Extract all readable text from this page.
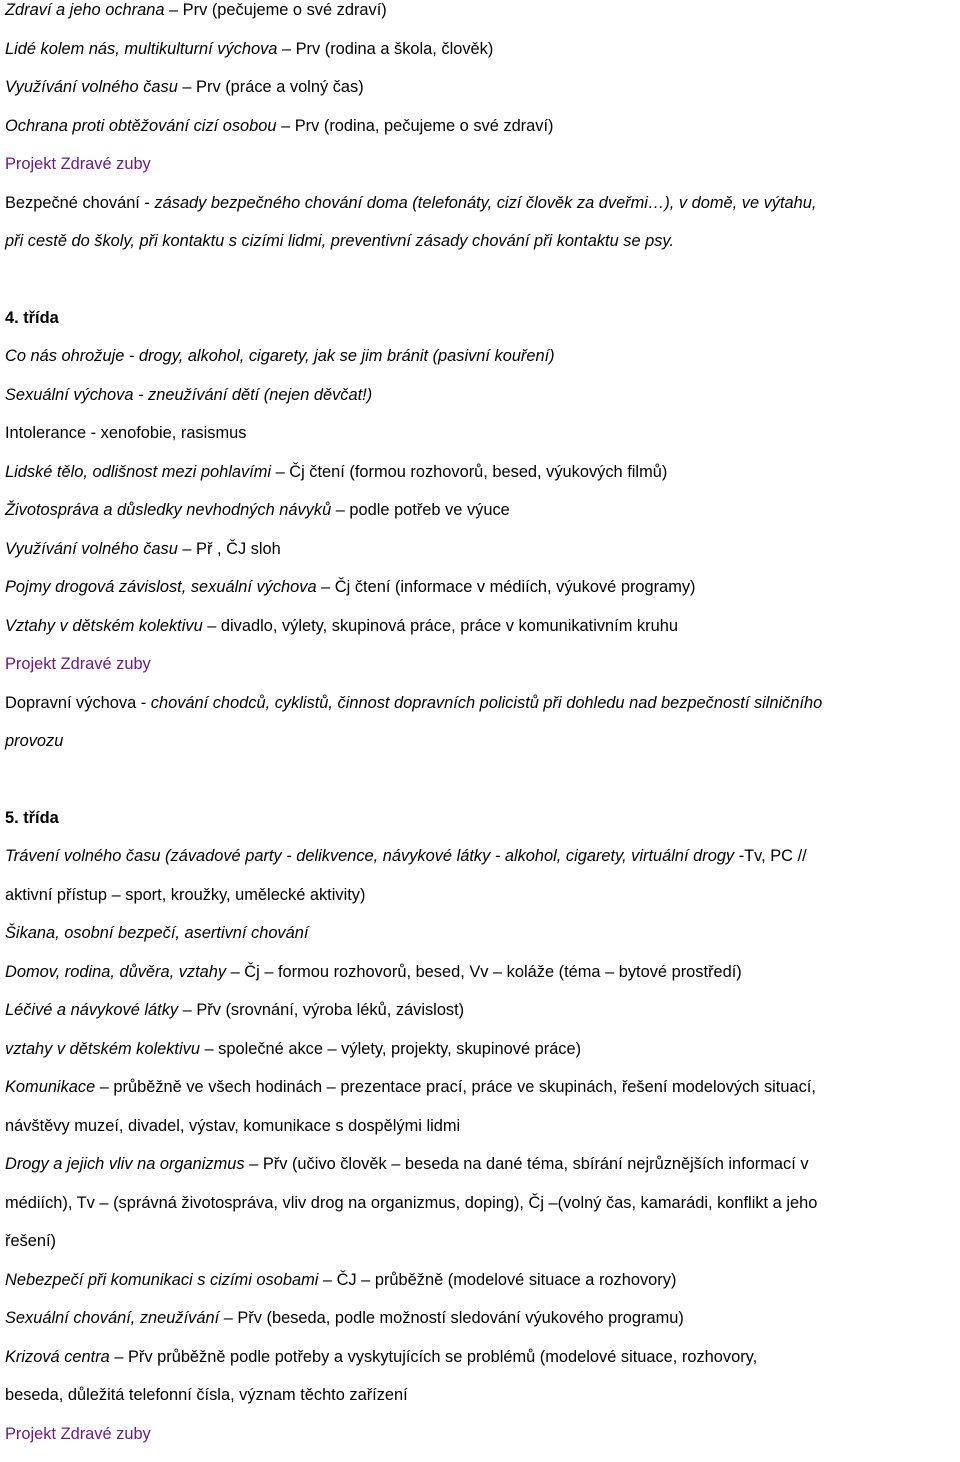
Zdraví a jeho ochrana – Prv (pečujeme o své zdraví)
Lidé kolem nás, multikulturní výchova – Prv (rodina a škola, člověk)
Využívání volného času – Prv (práce a volný čas)
Ochrana proti obtěžování cizí osobou – Prv (rodina, pečujeme o své zdraví)
Projekt Zdravé zuby
Bezpečné chování - zásady bezpečného chování doma (telefonáty, cizí člověk za dveřmi…), v domě, ve výtahu,
při cestě do školy, při kontaktu s cizími lidmi, preventivní zásady chování při kontaktu se psy.
4. třída
Co nás ohrožuje - drogy, alkohol, cigarety, jak se jim bránit (pasivní kouření)
Sexuální výchova - zneužívání dětí (nejen děvčat!)
Intolerance - xenofobie, rasismus
Lidské tělo, odlišnost mezi pohlavími – Čj čtení (formou rozhovorů, besed, výukových filmů)
Životospráva a důsledky nevhodných návyků – podle potřeb ve výuce
Využívání volného času – Př , ČJ sloh
Pojmy drogová závislost, sexuální výchova – Čj čtení (informace v médiích, výukové programy)
Vztahy v dětském kolektivu – divadlo, výlety, skupinová práce, práce v komunikativním kruhu
Projekt Zdravé zuby
Dopravní výchova - chování chodců, cyklistů, činnost dopravních policistů při dohledu nad bezpečností silničního
provozu
5. třída
Trávení volného času (závadové party - delikvence, návykové látky - alkohol, cigarety, virtuální drogy -Tv, PC //
aktivní přístup – sport, kroužky, umělecké aktivity)
Šikana, osobní bezpečí, asertivní chování
Domov, rodina, důvěra, vztahy – Čj – formou rozhovorů, besed, Vv – koláže (téma – bytové prostředí)
Léčivé a návykové látky – Přv (srovnání, výroba léků, závislost)
vztahy v dětském kolektivu – společné akce – výlety, projekty, skupinové práce)
Komunikace – průběžně ve všech hodinách – prezentace prací, práce ve skupinách, řešení modelových situací,
návštěvy muzeí, divadel, výstav, komunikace s dospělými lidmi
Drogy a jejich vliv na organizmus – Přv (učivo člověk – beseda na dané téma, sbírání nejrůznějších informací v
médiích), Tv – (správná životospráva, vliv drog na organizmus, doping), Čj –(volný čas, kamarádi, konflikt a jeho
řešení)
Nebezpečí při komunikaci s cizími osobami – ČJ – průběžně (modelové situace a rozhovory)
Sexuální chování, zneužívání – Přv (beseda, podle možností sledování výukového programu)
Krizová centra – Přv průběžně podle potřeby a vyskytujících se problémů (modelové situace, rozhovory,
beseda, důležitá telefonní čísla, význam těchto zařízení
Projekt Zdravé zuby
